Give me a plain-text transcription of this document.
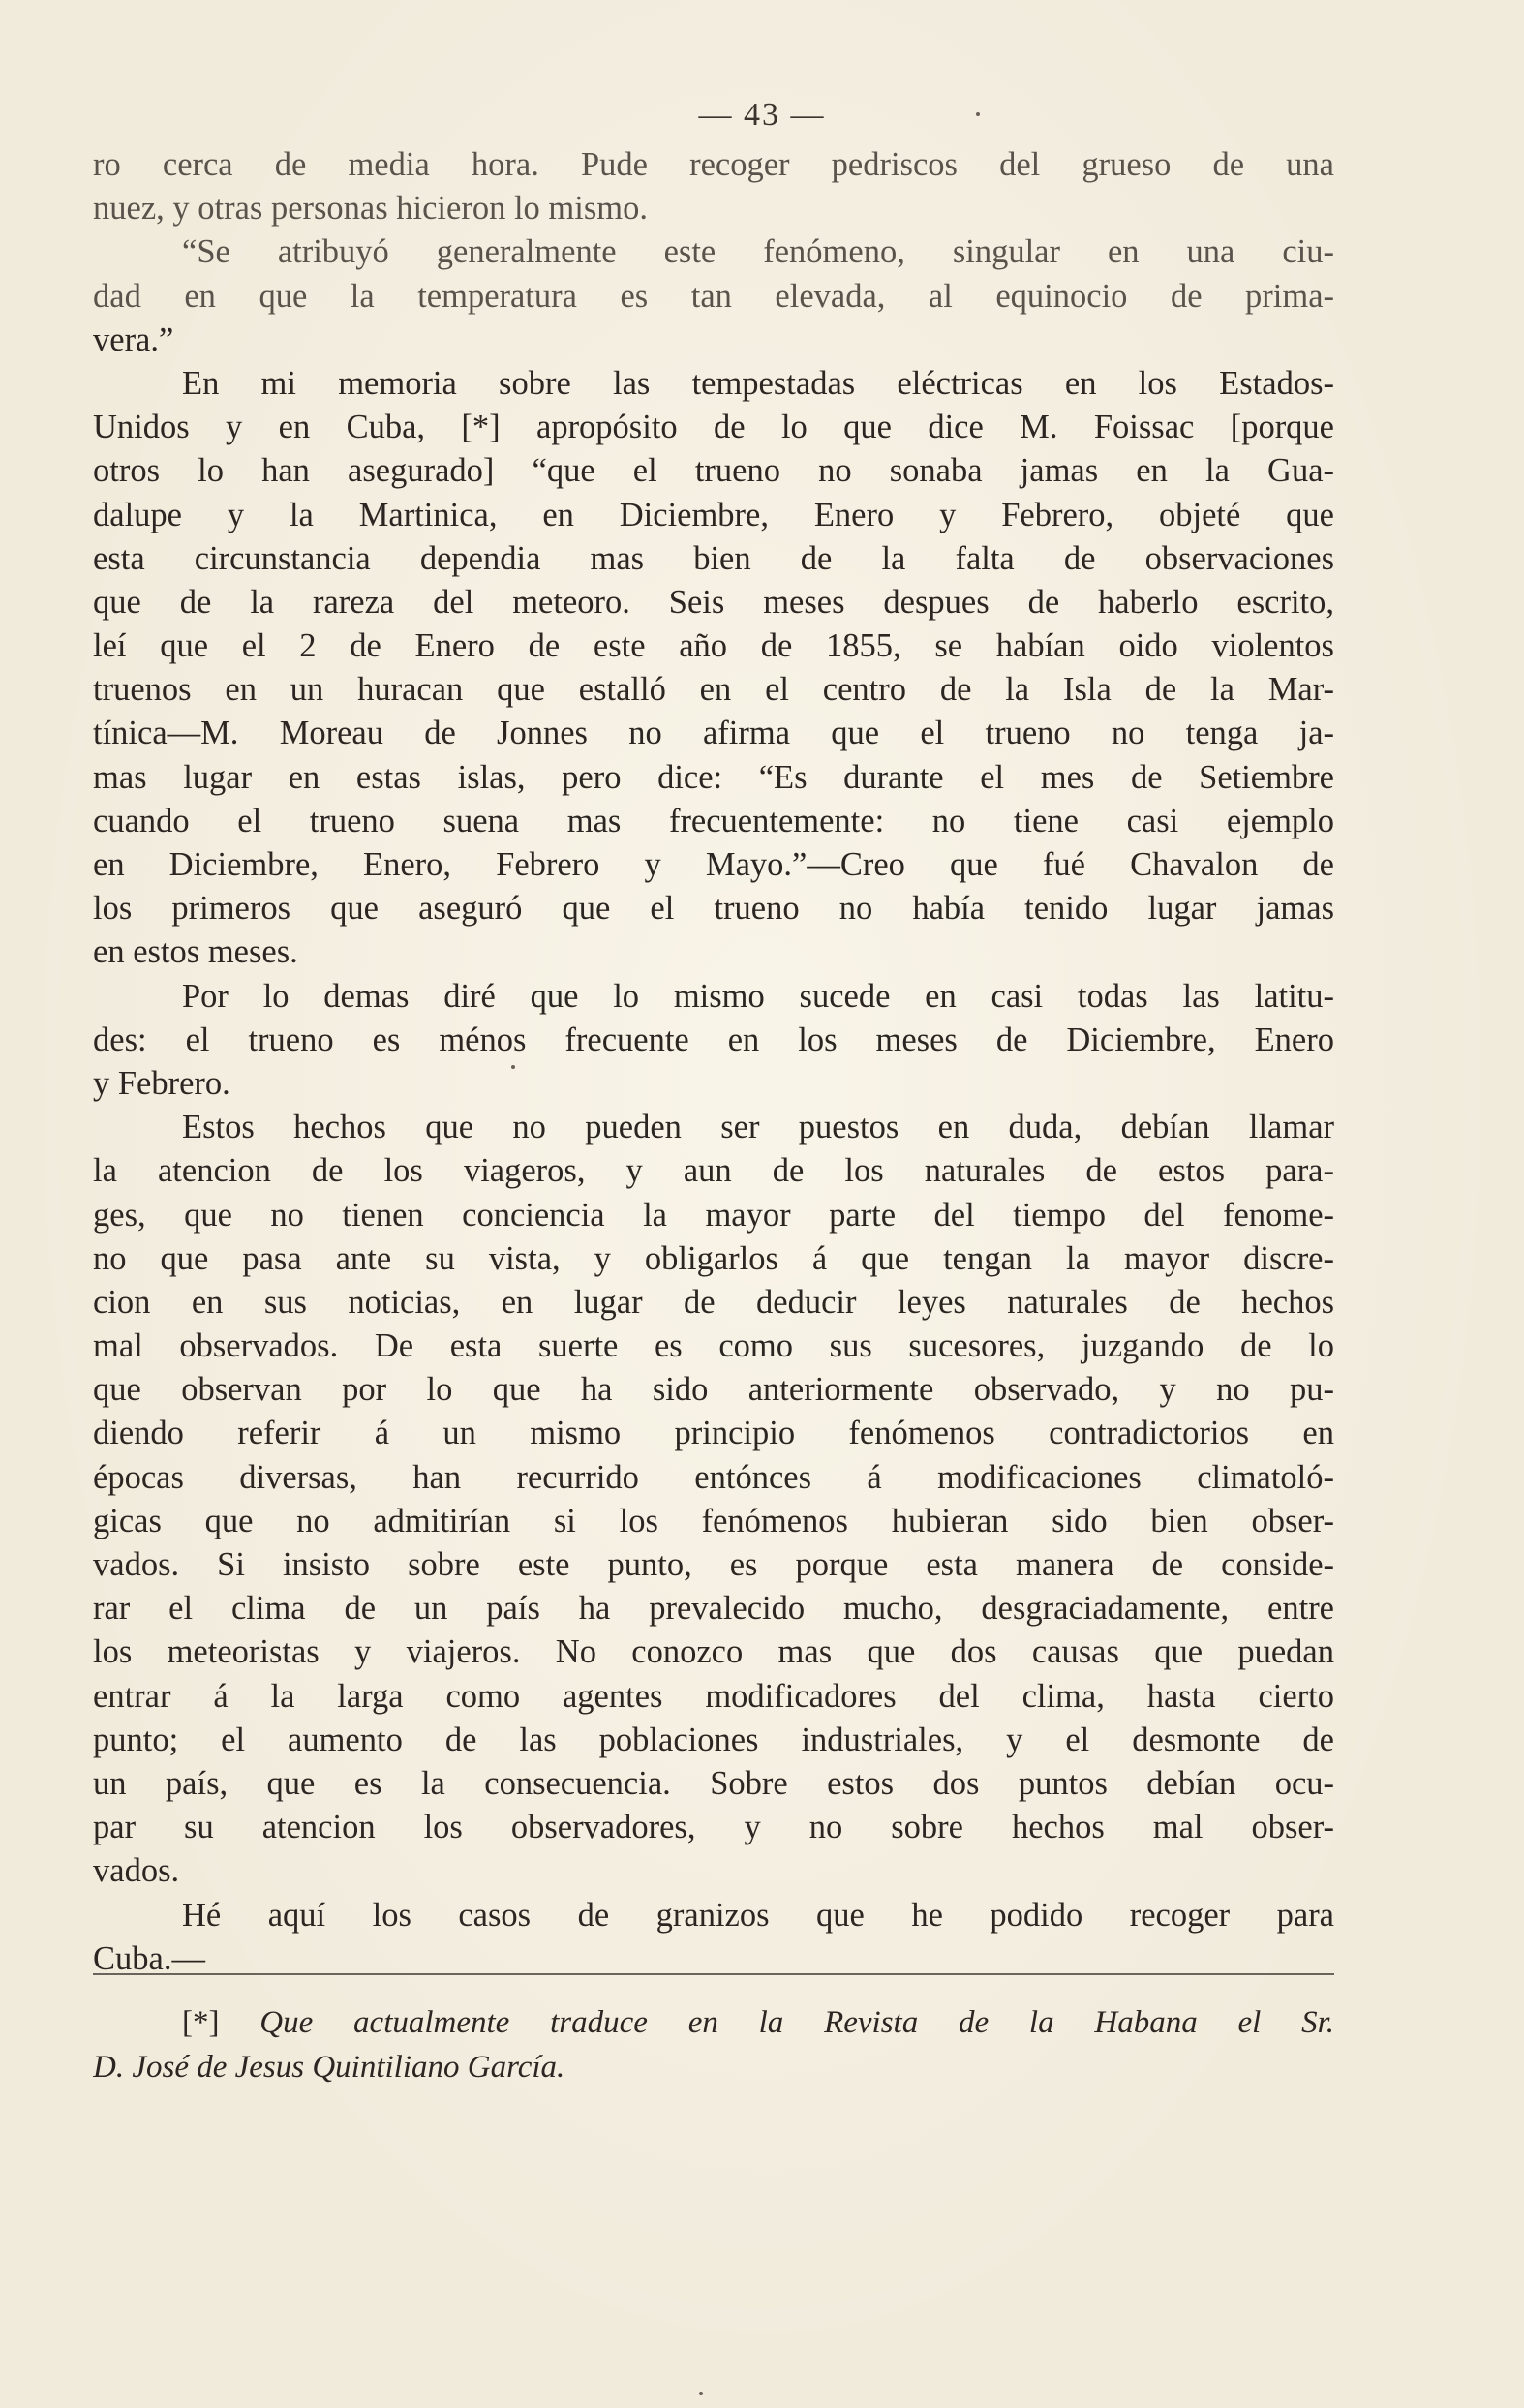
— 43 —
ro cerca de media hora. Pude recoger pedriscos del grueso de una
nuez, y otras personas hicieron lo mismo.
“Se atribuyó generalmente este fenómeno, singular en una ciu-
dad en que la temperatura es tan elevada, al equinocio de prima-
vera.”
En mi memoria sobre las tempestadas eléctricas en los Estados-
Unidos y en Cuba, [*] apropósito de lo que dice M. Foissac [porque
otros lo han asegurado] “que el trueno no sonaba jamas en la Gua-
dalupe y la Martinica, en Diciembre, Enero y Febrero, objeté que
esta circunstancia dependia mas bien de la falta de observaciones
que de la rareza del meteoro. Seis meses despues de haberlo escrito,
leí que el 2 de Enero de este año de 1855, se habían oido violentos
truenos en un huracan que estalló en el centro de la Isla de la Mar-
tínica—M. Moreau de Jonnes no afirma que el trueno no tenga ja-
mas lugar en estas islas, pero dice: “Es durante el mes de Setiembre
cuando el trueno suena mas frecuentemente: no tiene casi ejemplo
en Diciembre, Enero, Febrero y Mayo.”—Creo que fué Chavalon de
los primeros que aseguró que el trueno no había tenido lugar jamas
en estos meses.
Por lo demas diré que lo mismo sucede en casi todas las latitu-
des: el trueno es ménos frecuente en los meses de Diciembre, Enero
y Febrero.
Estos hechos que no pueden ser puestos en duda, debían llamar
la atencion de los viageros, y aun de los naturales de estos para-
ges, que no tienen conciencia la mayor parte del tiempo del fenome-
no que pasa ante su vista, y obligarlos á que tengan la mayor discre-
cion en sus noticias, en lugar de deducir leyes naturales de hechos
mal observados. De esta suerte es como sus sucesores, juzgando de lo
que observan por lo que ha sido anteriormente observado, y no pu-
diendo referir á un mismo principio fenómenos contradictorios en
épocas diversas, han recurrido entónces á modificaciones climatoló-
gicas que no admitirían si los fenómenos hubieran sido bien obser-
vados. Si insisto sobre este punto, es porque esta manera de conside-
rar el clima de un país ha prevalecido mucho, desgraciadamente, entre
los meteoristas y viajeros. No conozco mas que dos causas que puedan
entrar á la larga como agentes modificadores del clima, hasta cierto
punto; el aumento de las poblaciones industriales, y el desmonte de
un país, que es la consecuencia. Sobre estos dos puntos debían ocu-
par su atencion los observadores, y no sobre hechos mal obser-
vados.
Hé aquí los casos de granizos que he podido recoger para
Cuba.—
[*] Que actualmente traduce en la Revista de la Habana el Sr.
D. José de Jesus Quintiliano García.
